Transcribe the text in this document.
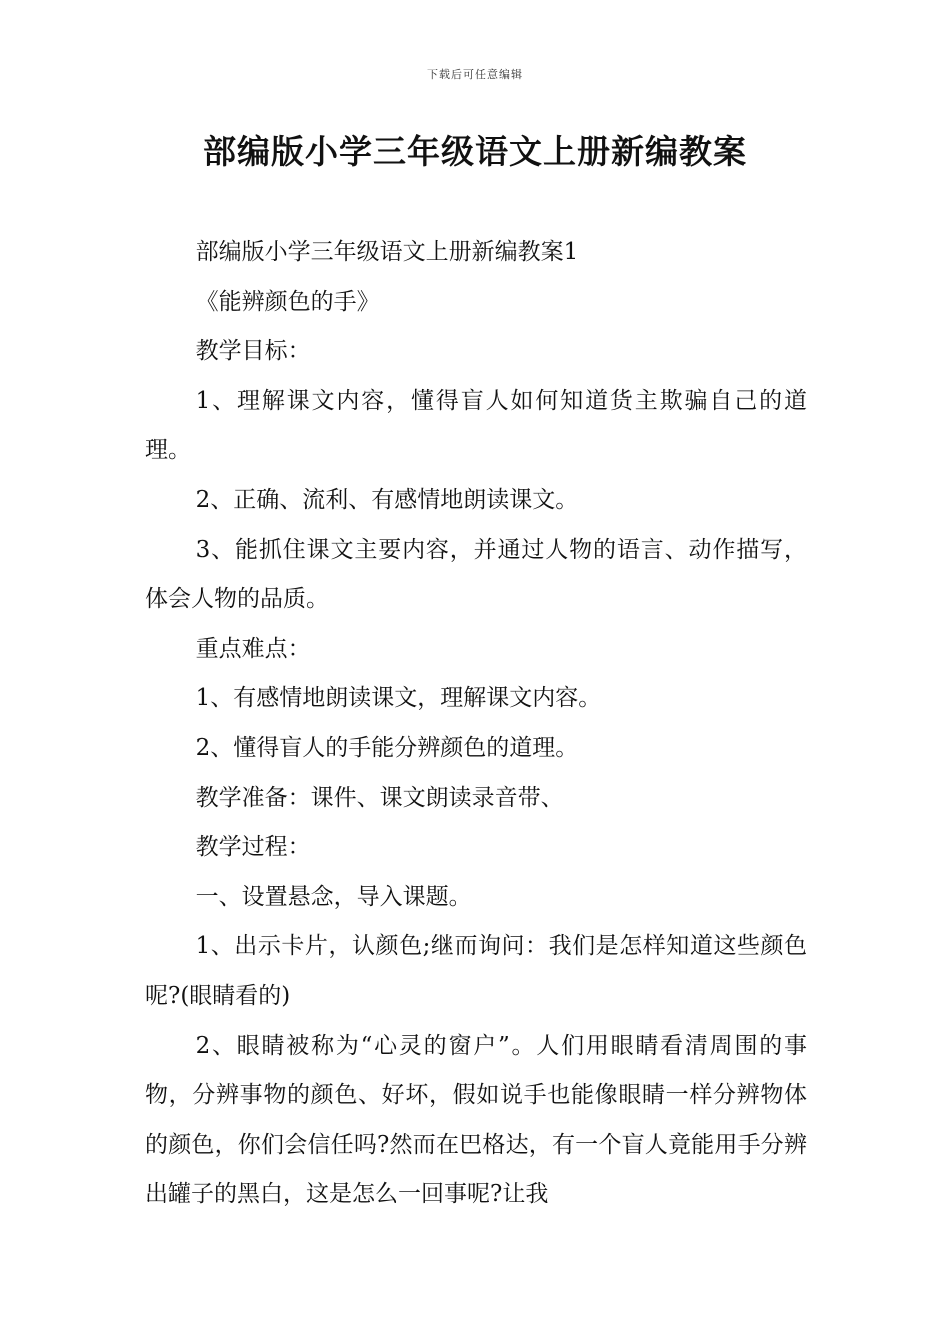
下载后可任意编辑
部编版小学三年级语文上册新编教案

部编版小学三年级语文上册新编教案1

《能辨颜色的手》

教学目标：

1、理解课文内容，懂得盲人如何知道货主欺骗自己的道理。

2、正确、流利、有感情地朗读课文。

3、能抓住课文主要内容，并通过人物的语言、动作描写，体会人物的品质。

重点难点：

1、有感情地朗读课文，理解课文内容。

2、懂得盲人的手能分辨颜色的道理。

教学准备：课件、课文朗读录音带、

教学过程：

一、设置悬念，导入课题。

1、出示卡片，认颜色;继而询问：我们是怎样知道这些颜色呢?(眼睛看的)

2、眼睛被称为“心灵的窗户”。人们用眼睛看清周围的事物，分辨事物的颜色、好坏，假如说手也能像眼睛一样分辨物体的颜色，你们会信任吗?然而在巴格达，有一个盲人竟能用手分辨出罐子的黑白，这是怎么一回事呢?让我
